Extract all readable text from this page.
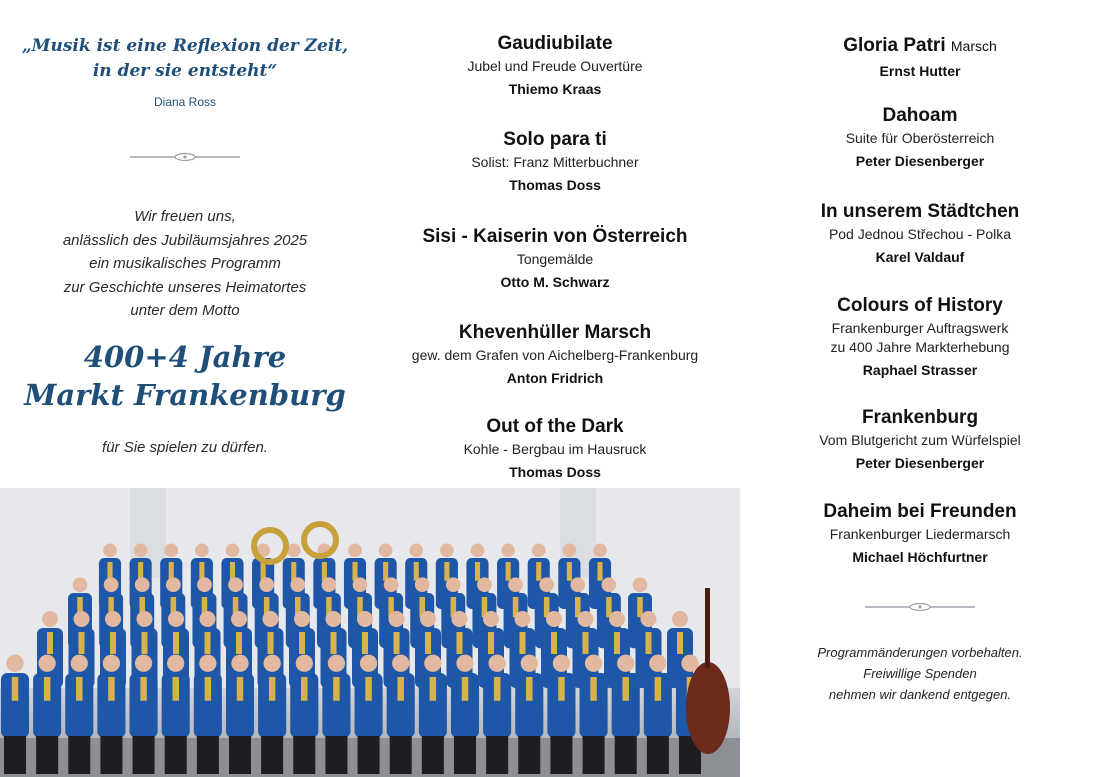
„Musik ist eine Reflexion der Zeit,
in der sie entsteht“
Diana Ross
Wir freuen uns,
anlässlich des Jubiläumsjahres 2025
ein musikalisches Programm
zur Geschichte unseres Heimatortes
unter dem Motto
400+4 Jahre
Markt Frankenburg
für Sie spielen zu dürfen.
Gaudiubilate
Jubel und Freude Ouvertüre
Thiemo Kraas
Solo para ti
Solist: Franz Mitterbuchner
Thomas Doss
Sisi - Kaiserin von Österreich
Tongemälde
Otto M. Schwarz
Khevenhüller Marsch
gew. dem Grafen von Aichelberg-Frankenburg
Anton Fridrich
Out of the Dark
Kohle - Bergbau im Hausruck
Thomas Doss
Gloria Patri Marsch
Ernst Hutter
Dahoam
Suite für Oberösterreich
Peter Diesenberger
In unserem Städtchen
Pod Jednou Střechou - Polka
Karel Valdauf
Colours of History
Frankenburger Auftragswerk
zu 400 Jahre Markterhebung
Raphael Strasser
Frankenburg
Vom Blutgericht zum Würfelspiel
Peter Diesenberger
Daheim bei Freunden
Frankenburger Liedermarsch
Michael Höchfurtner
Programmänderungen vorbehalten.
Freiwillige Spenden
nehmen wir dankend entgegen.
